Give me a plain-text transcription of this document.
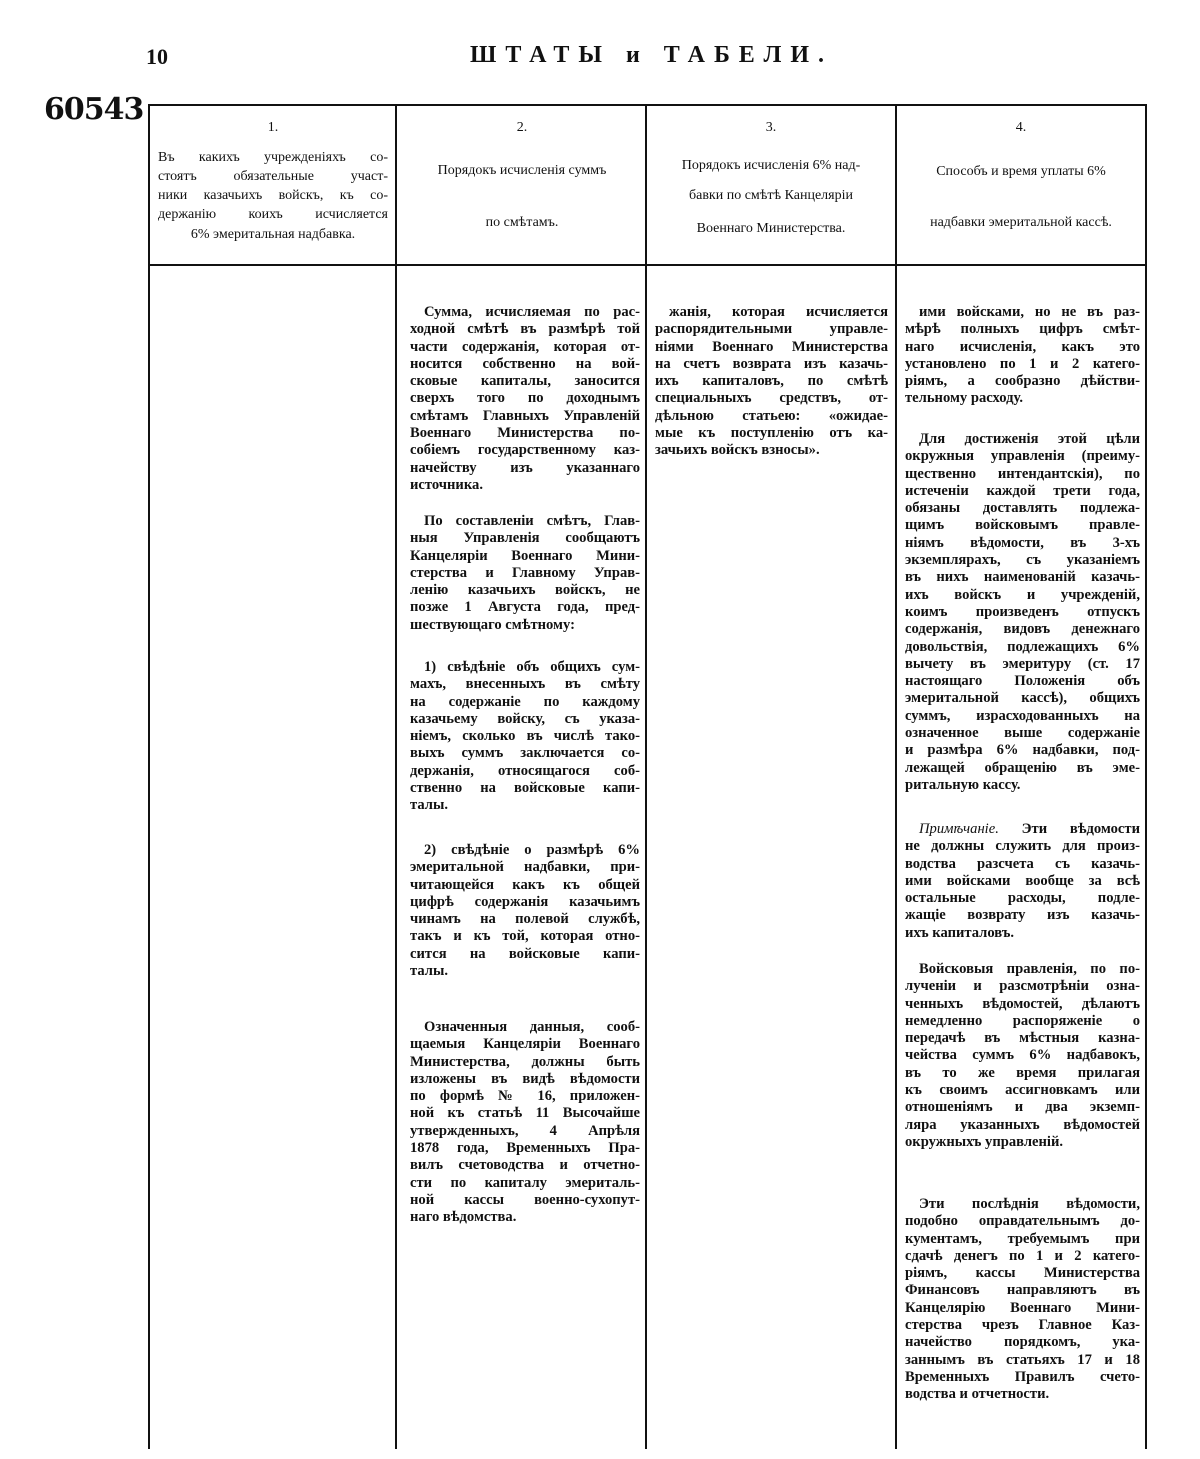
10	ШТАТЫ и ТАБЕЛИ.
60543
1.
Въ какихъ учрежденіяхъ со-
стоятъ обязательные участ-
ники казачьихъ войскъ, къ со-
держанію коихъ исчисляется
6% эмеритальная надбавка.
2.
Порядокъ исчисленія суммъ
по смѣтамъ.
3.
Порядокъ исчисленія 6% над-
бавки по смѣтѣ Канцеляріи
Военнаго Министерства.
4.
Способъ и время уплаты 6%
надбавки эмеритальной кассѣ.
Сумма, исчисляемая по рас-
ходной смѣтѣ въ размѣрѣ той
части содержанія, которая от-
носится собственно на вой-
сковые капиталы, заносится
сверхъ того по доходнымъ
смѣтамъ Главныхъ Управленій
Военнаго Министерства по-
собіемъ государственному каз-
начейству изъ указаннаго
источника.
По составленіи смѣтъ, Глав-
ныя Управленія сообщаютъ
Канцеляріи Военнаго Мини-
стерства и Главному Управ-
ленію казачьихъ войскъ, не
позже 1 Августа года, пред-
шествующаго смѣтному:
1) свѣдѣніе объ общихъ сум-
махъ, внесенныхъ въ смѣту
на содержаніе по каждому
казачьему войску, съ указа-
ніемъ, сколько въ числѣ тако-
выхъ суммъ заключается со-
держанія, относящагося соб-
ственно на войсковые капи-
талы.
2) свѣдѣніе о размѣрѣ 6%
эмеритальной надбавки, при-
читающейся какъ къ общей
цифрѣ содержанія казачьимъ
чинамъ на полевой службѣ,
такъ и къ той, которая отно-
сится на войсковые капи-
талы.
Означенныя данныя, сооб-
щаемыя Канцеляріи Военнаго
Министерства, должны быть
изложены въ видѣ вѣдомости
по формѣ № 16, приложен-
ной къ статьѣ 11 Высочайше
утвержденныхъ, 4 Апрѣля
1878 года, Временныхъ Пра-
вилъ счетоводства и отчетно-
сти по капиталу эмериталь-
ной кассы военно-сухопут-
наго вѣдомства.
жанія, которая исчисляется
распорядительными управле-
ніями Военнаго Министерства
на счетъ возврата изъ казачь-
ихъ капиталовъ, по смѣтѣ
специальныхъ средствъ, от-
дѣльною статьею: «ожидае-
мые къ поступленію отъ ка-
зачьихъ войскъ взносы».
ими войсками, но не въ раз-
мѣрѣ полныхъ цифръ смѣт-
наго исчисленія, какъ это
установлено по 1 и 2 катего-
ріямъ, а сообразно дѣйстви-
тельному расходу.
Для достиженія этой цѣли
окружныя управленія (преиму-
щественно интендантскія), по
истеченіи каждой трети года,
обязаны доставлять подлежа-
щимъ войсковымъ правле-
ніямъ вѣдомости, въ 3-хъ
экземплярахъ, съ указаніемъ
въ нихъ наименованій казачь-
ихъ войскъ и учрежденій,
коимъ произведенъ отпускъ
содержанія, видовъ денежнаго
довольствія, подлежащихъ 6%
вычету въ эмеритуру (ст. 17
настоящаго Положенія объ
эмеритальной кассѣ), общихъ
суммъ, израсходованныхъ на
означенное выше содержаніе
и размѣра 6% надбавки, под-
лежащей обращенію въ эме-
ритальную кассу.
Примѣчаніе. Эти вѣдомости
не должны служить для произ-
водства разсчета съ казачь-
ими войсками вообще за всѣ
остальные расходы, подле-
жащіе возврату изъ казачь-
ихъ капиталовъ.
Войсковыя правленія, по по-
лученіи и разсмотрѣніи озна-
ченныхъ вѣдомостей, дѣлаютъ
немедленно распоряженіе о
передачѣ въ мѣстныя казна-
чейства суммъ 6% надбавокъ,
въ то же время прилагая
къ своимъ ассигновкамъ или
отношеніямъ и два экземп-
ляра указанныхъ вѣдомостей
окружныхъ управленій.
Эти послѣднія вѣдомости,
подобно оправдательнымъ до-
кументамъ, требуемымъ при
сдачѣ денегъ по 1 и 2 катего-
ріямъ, кассы Министерства
Финансовъ направляютъ въ
Канцелярію Военнаго Мини-
стерства чрезъ Главное Каз-
начейство порядкомъ, ука-
заннымъ въ статьяхъ 17 и 18
Временныхъ Правилъ счето-
водства и отчетности.
